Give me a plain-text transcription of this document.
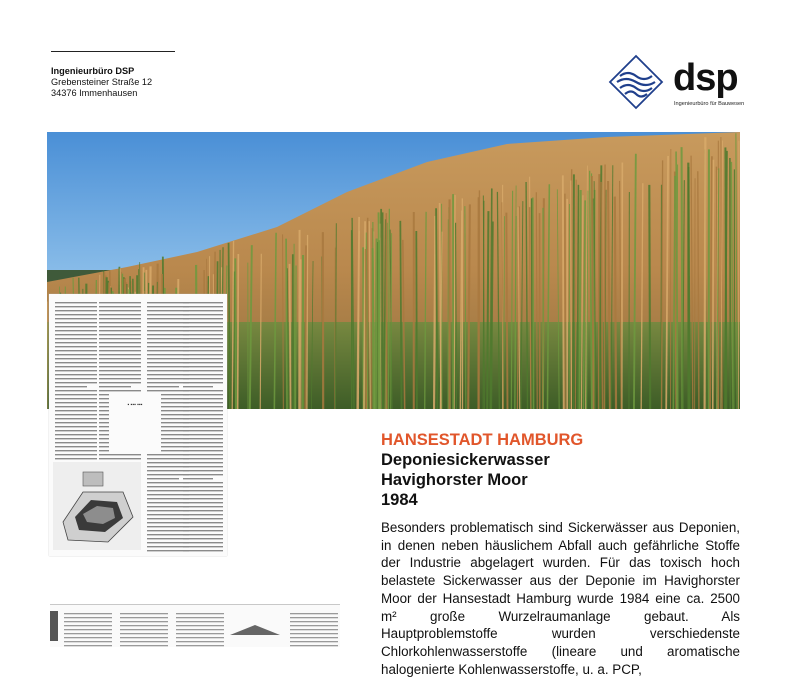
Ingenieurbüro DSP
Grebensteiner Straße 12
34376 Immenhausen	dsp
Ingenieurbüro für Bauwesen
▪ ▪▪▪ ▪▪▪
HANSESTADT HAMBURG
Deponiesickerwasser
Havighorster Moor
1984
Besonders problematisch sind Sickerwässer aus Deponien, in denen neben häuslichem Abfall auch gefährliche Stoffe der Industrie abgelagert wurden. Für das toxisch hoch belastete Sickerwasser aus der Deponie im Havighorster Moor der Hansestadt Hamburg wurde 1984 eine ca. 2500 m² große Wurzelraumanlage gebaut. Als Hauptproblemstoffe wurden verschiedenste Chlorkohlenwasserstoffe (lineare und aromatische halogenierte Kohlenwasserstoffe, u. a. PCP,
